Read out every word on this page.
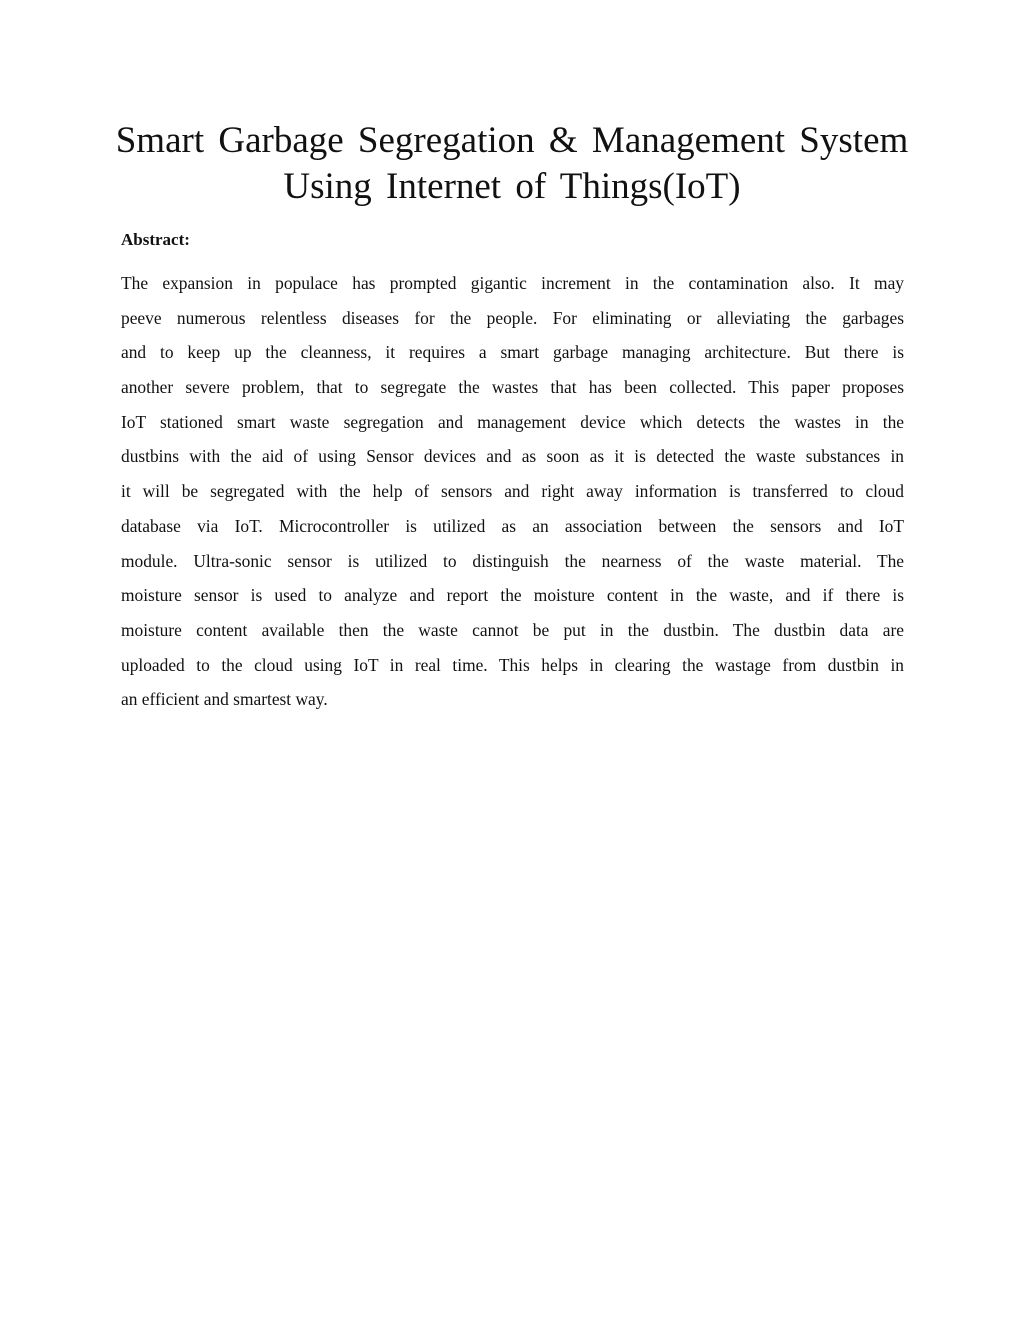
Smart Garbage Segregation & Management System
Using Internet of Things(IoT)
Abstract:
The expansion in populace has prompted gigantic increment in the contamination also. It may
peeve numerous relentless diseases for the people. For eliminating or alleviating the garbages
and to keep up the cleanness, it requires a smart garbage managing architecture. But there is
another severe problem, that to segregate the wastes that has been collected. This paper proposes
IoT stationed smart waste segregation and management device which detects the wastes in the
dustbins with the aid of using Sensor devices and as soon as it is detected the waste substances in
it will be segregated with the help of sensors and right away information is transferred to cloud
database via IoT. Microcontroller is utilized as an association between the sensors and IoT
module. Ultra-sonic sensor is utilized to distinguish the nearness of the waste material. The
moisture sensor is used to analyze and report the moisture content in the waste, and if there is
moisture content available then the waste cannot be put in the dustbin. The dustbin data are
uploaded to the cloud using IoT in real time. This helps in clearing the wastage from dustbin in
an efficient and smartest way.
